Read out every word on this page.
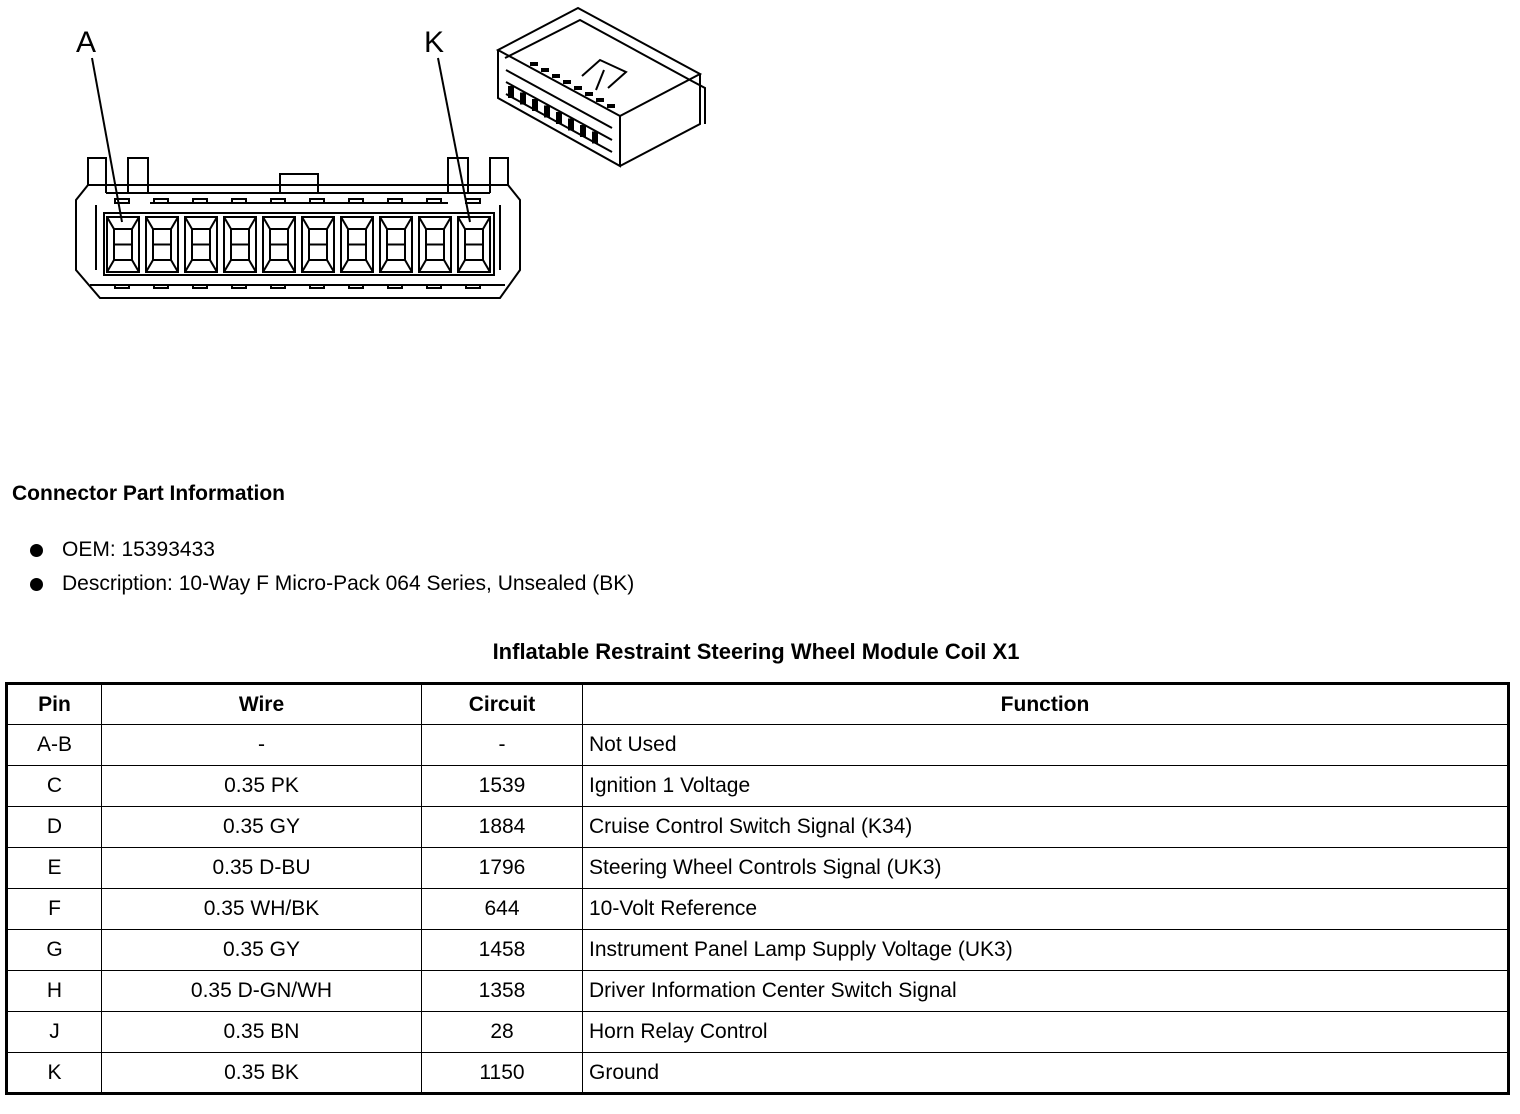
A	K
Connector Part Information
OEM: 15393433
Description: 10-Way F Micro-Pack 064 Series, Unsealed (BK)
Inflatable Restraint Steering Wheel Module Coil X1
Pin	Wire	Circuit	Function
A-B	-	-	Not Used
C	0.35 PK	1539	Ignition 1 Voltage
D	0.35 GY	1884	Cruise Control Switch Signal (K34)
E	0.35 D-BU	1796	Steering Wheel Controls Signal (UK3)
F	0.35 WH/BK	644	10-Volt Reference
G	0.35 GY	1458	Instrument Panel Lamp Supply Voltage (UK3)
H	0.35 D-GN/WH	1358	Driver Information Center Switch Signal
J	0.35 BN	28	Horn Relay Control
K	0.35 BK	1150	Ground
